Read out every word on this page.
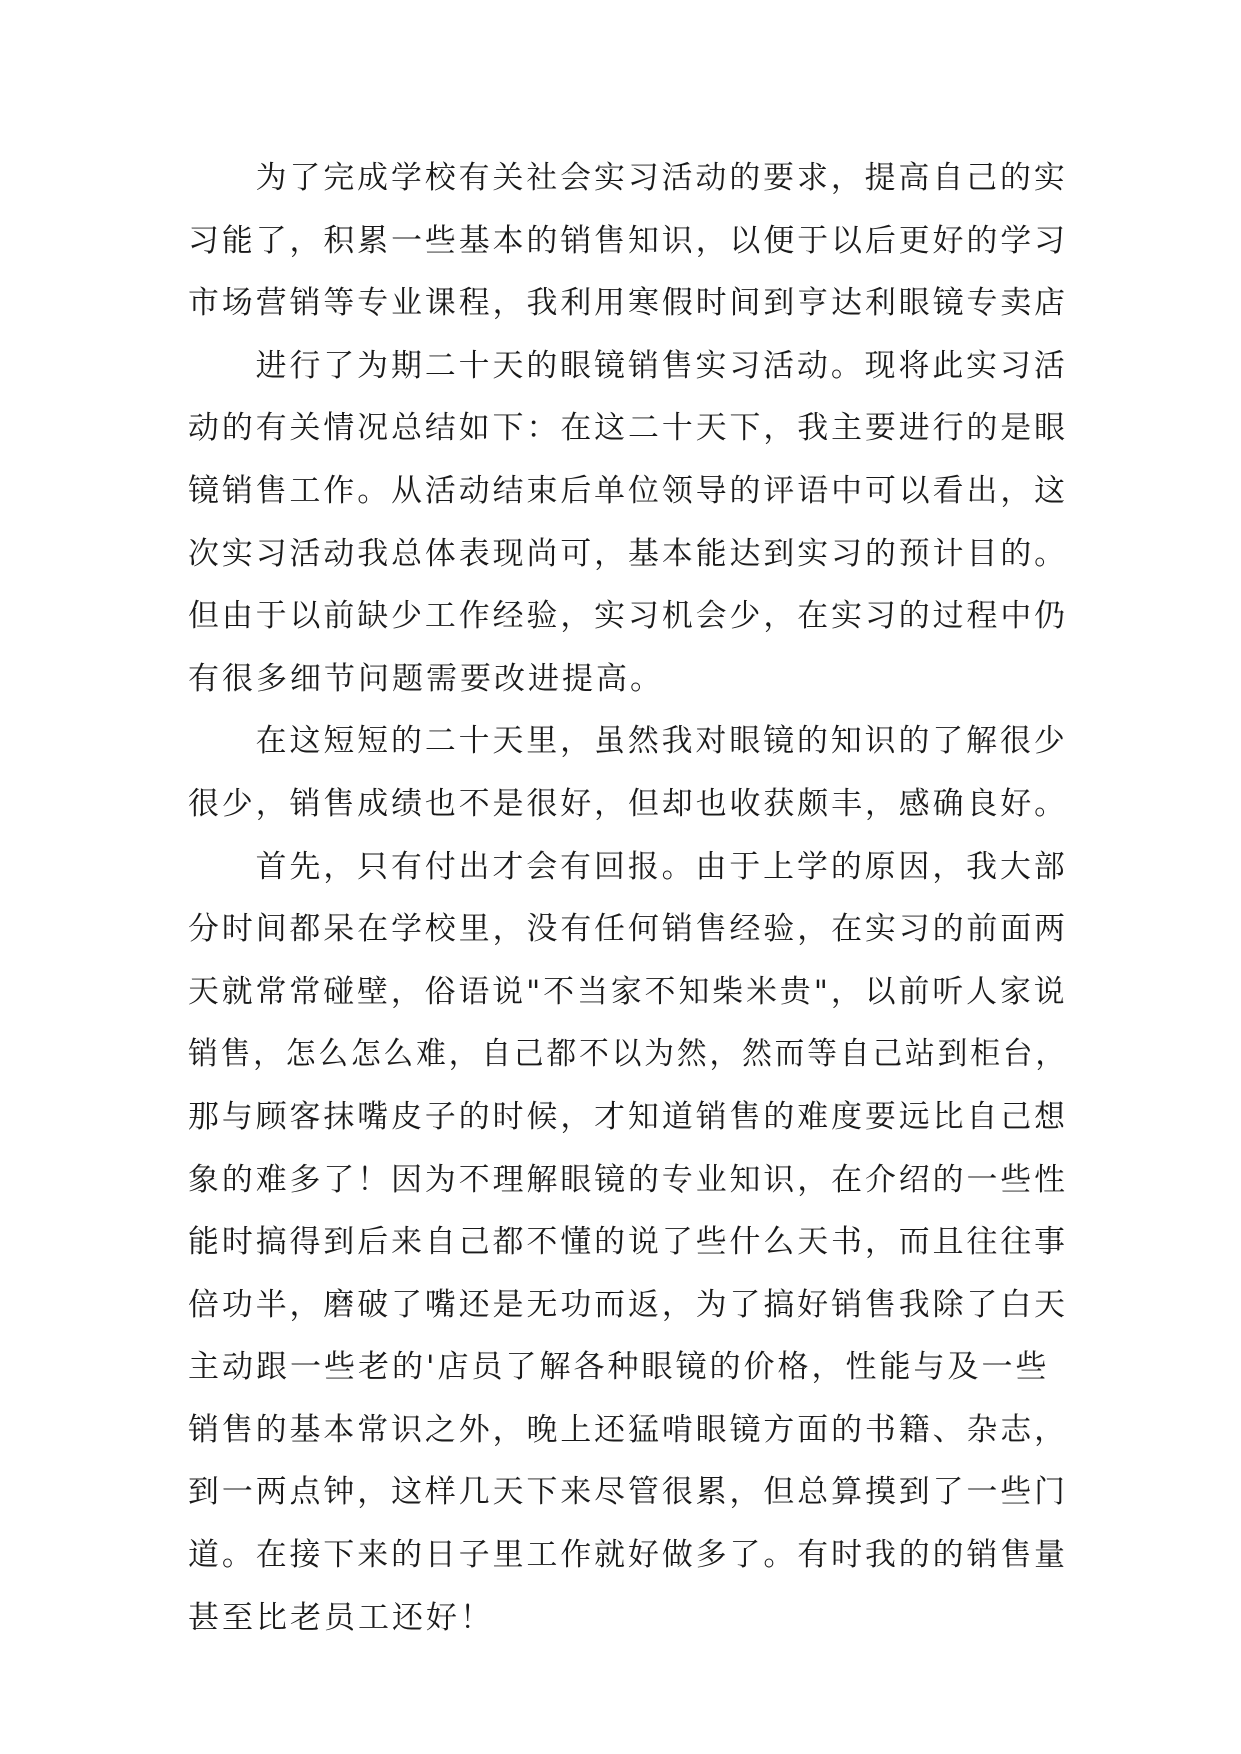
为了完成学校有关社会实习活动的要求，提高自己的实

习能了，积累一些基本的销售知识，以便于以后更好的学习

市场营销等专业课程，我利用寒假时间到亨达利眼镜专卖店

进行了为期二十天的眼镜销售实习活动。现将此实习活

动的有关情况总结如下：在这二十天下，我主要进行的是眼

镜销售工作。从活动结束后单位领导的评语中可以看出，这

次实习活动我总体表现尚可，基本能达到实习的预计目的。

但由于以前缺少工作经验，实习机会少，在实习的过程中仍

有很多细节问题需要改进提高。

在这短短的二十天里，虽然我对眼镜的知识的了解很少

很少，销售成绩也不是很好，但却也收获颇丰，感确良好。

首先，只有付出才会有回报。由于上学的原因，我大部

分时间都呆在学校里，没有任何销售经验，在实习的前面两

天就常常碰壁，俗语说"不当家不知柴米贵"，以前听人家说

销售，怎么怎么难，自己都不以为然，然而等自己站到柜台，

那与顾客抹嘴皮子的时候，才知道销售的难度要远比自己想

象的难多了！因为不理解眼镜的专业知识，在介绍的一些性

能时搞得到后来自己都不懂的说了些什么天书，而且往往事

倍功半，磨破了嘴还是无功而返，为了搞好销售我除了白天

主动跟一些老的'店员了解各种眼镜的价格，性能与及一些

销售的基本常识之外，晚上还猛啃眼镜方面的书籍、杂志，

到一两点钟，这样几天下来尽管很累，但总算摸到了一些门

道。在接下来的日子里工作就好做多了。有时我的的销售量

甚至比老员工还好！
